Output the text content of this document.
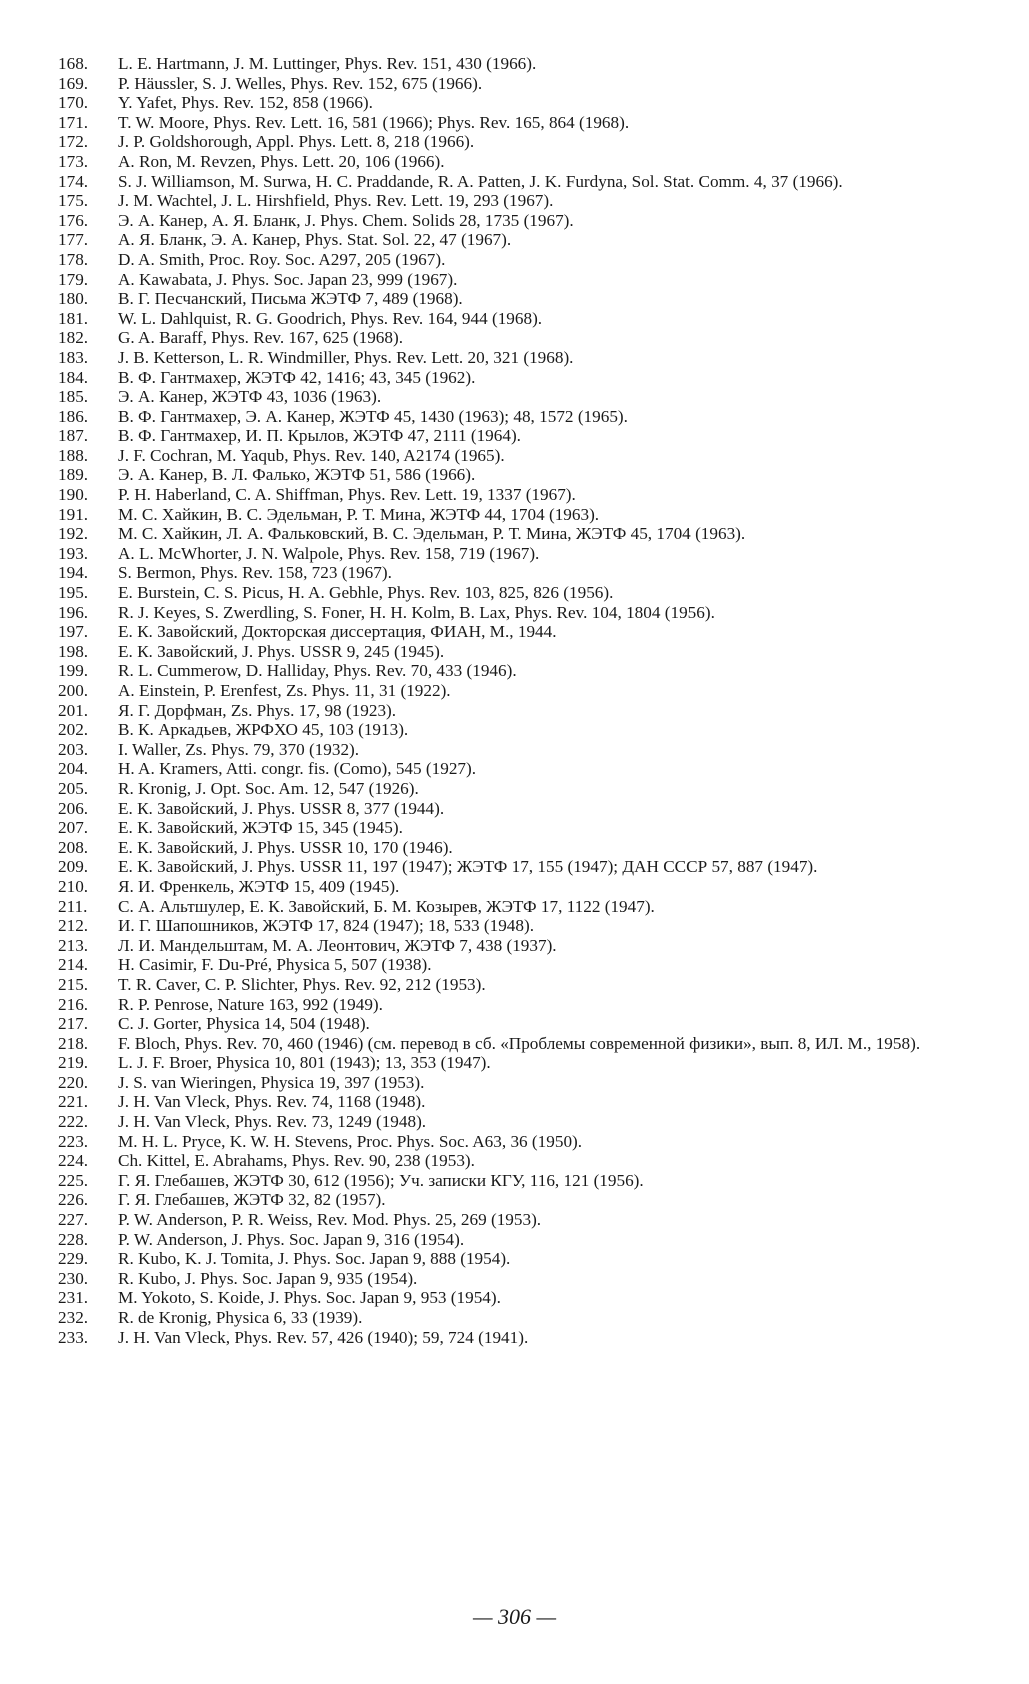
168.	L. E. Hartmann, J. M. Luttinger, Phys. Rev. 151, 430 (1966).
169.	P. Häussler, S. J. Welles, Phys. Rev. 152, 675 (1966).
170.	Y. Yafet, Phys. Rev. 152, 858 (1966).
171.	T. W. Moore, Phys. Rev. Lett. 16, 581 (1966); Phys. Rev. 165, 864 (1968).
172.	J. P. Goldshorough, Appl. Phys. Lett. 8, 218 (1966).
173.	A. Ron, M. Revzen, Phys. Lett. 20, 106 (1966).
174.	S. J. Williamson, M. Surwa, H. C. Praddande, R. A. Patten, J. K. Furdyna, Sol. Stat. Comm. 4, 37 (1966).
175.	J. M. Wachtel, J. L. Hirshfield, Phys. Rev. Lett. 19, 293 (1967).
176.	Э. А. Канер, А. Я. Бланк, J. Phys. Chem. Solids 28, 1735 (1967).
177.	А. Я. Бланк, Э. А. Канер, Phys. Stat. Sol. 22, 47 (1967).
178.	D. A. Smith, Proc. Roy. Soc. A297, 205 (1967).
179.	A. Kawabata, J. Phys. Soc. Japan 23, 999 (1967).
180.	В. Г. Песчанский, Письма ЖЭТФ 7, 489 (1968).
181.	W. L. Dahlquist, R. G. Goodrich, Phys. Rev. 164, 944 (1968).
182.	G. A. Baraff, Phys. Rev. 167, 625 (1968).
183.	J. B. Ketterson, L. R. Windmiller, Phys. Rev. Lett. 20, 321 (1968).
184.	В. Ф. Гантмахер, ЖЭТФ 42, 1416; 43, 345 (1962).
185.	Э. А. Канер, ЖЭТФ 43, 1036 (1963).
186.	В. Ф. Гантмахер, Э. А. Канер, ЖЭТФ 45, 1430 (1963); 48, 1572 (1965).
187.	В. Ф. Гантмахер, И. П. Крылов, ЖЭТФ 47, 2111 (1964).
188.	J. F. Cochran, M. Yaqub, Phys. Rev. 140, A2174 (1965).
189.	Э. А. Канер, В. Л. Фалько, ЖЭТФ 51, 586 (1966).
190.	P. H. Haberland, C. A. Shiffman, Phys. Rev. Lett. 19, 1337 (1967).
191.	М. С. Хайкин, В. С. Эдельман, Р. Т. Мина, ЖЭТФ 44, 1704 (1963).
192.	М. С. Хайкин, Л. А. Фальковский, В. С. Эдельман, Р. Т. Мина, ЖЭТФ 45, 1704 (1963).
193.	A. L. McWhorter, J. N. Walpole, Phys. Rev. 158, 719 (1967).
194.	S. Bermon, Phys. Rev. 158, 723 (1967).
195.	E. Burstein, C. S. Picus, H. A. Gebhle, Phys. Rev. 103, 825, 826 (1956).
196.	R. J. Keyes, S. Zwerdling, S. Foner, H. H. Kolm, B. Lax, Phys. Rev. 104, 1804 (1956).
197.	Е. К. Завойский, Докторская диссертация, ФИАН, М., 1944.
198.	Е. К. Завойский, J. Phys. USSR 9, 245 (1945).
199.	R. L. Cummerow, D. Halliday, Phys. Rev. 70, 433 (1946).
200.	A. Einstein, P. Erenfest, Zs. Phys. 11, 31 (1922).
201.	Я. Г. Дорфман, Zs. Phys. 17, 98 (1923).
202.	В. К. Аркадьев, ЖРФХО 45, 103 (1913).
203.	I. Waller, Zs. Phys. 79, 370 (1932).
204.	H. A. Kramers, Atti. congr. fis. (Como), 545 (1927).
205.	R. Kronig, J. Opt. Soc. Am. 12, 547 (1926).
206.	Е. К. Завойский, J. Phys. USSR 8, 377 (1944).
207.	Е. К. Завойский, ЖЭТФ 15, 345 (1945).
208.	Е. К. Завойский, J. Phys. USSR 10, 170 (1946).
209.	Е. К. Завойский, J. Phys. USSR 11, 197 (1947); ЖЭТФ 17, 155 (1947); ДАН СССР 57, 887 (1947).
210.	Я. И. Френкель, ЖЭТФ 15, 409 (1945).
211.	С. А. Альтшулер, Е. К. Завойский, Б. М. Козырев, ЖЭТФ 17, 1122 (1947).
212.	И. Г. Шапошников, ЖЭТФ 17, 824 (1947); 18, 533 (1948).
213.	Л. И. Мандельштам, М. А. Леонтович, ЖЭТФ 7, 438 (1937).
214.	H. Casimir, F. Du-Pré, Physica 5, 507 (1938).
215.	T. R. Caver, C. P. Slichter, Phys. Rev. 92, 212 (1953).
216.	R. P. Penrose, Nature 163, 992 (1949).
217.	C. J. Gorter, Physica 14, 504 (1948).
218.	F. Bloch, Phys. Rev. 70, 460 (1946) (см. перевод в сб. «Проблемы современной физики», вып. 8, ИЛ. М., 1958).
219.	L. J. F. Broer, Physica 10, 801 (1943); 13, 353 (1947).
220.	J. S. van Wieringen, Physica 19, 397 (1953).
221.	J. H. Van Vleck, Phys. Rev. 74, 1168 (1948).
222.	J. H. Van Vleck, Phys. Rev. 73, 1249 (1948).
223.	M. H. L. Pryce, K. W. H. Stevens, Proc. Phys. Soc. A63, 36 (1950).
224.	Ch. Kittel, E. Abrahams, Phys. Rev. 90, 238 (1953).
225.	Г. Я. Глебашев, ЖЭТФ 30, 612 (1956); Уч. записки КГУ, 116, 121 (1956).
226.	Г. Я. Глебашев, ЖЭТФ 32, 82 (1957).
227.	P. W. Anderson, P. R. Weiss, Rev. Mod. Phys. 25, 269 (1953).
228.	P. W. Anderson, J. Phys. Soc. Japan 9, 316 (1954).
229.	R. Kubo, K. J. Tomita, J. Phys. Soc. Japan 9, 888 (1954).
230.	R. Kubo, J. Phys. Soc. Japan 9, 935 (1954).
231.	M. Yokoto, S. Koide, J. Phys. Soc. Japan 9, 953 (1954).
232.	R. de Kronig, Physica 6, 33 (1939).
233.	J. H. Van Vleck, Phys. Rev. 57, 426 (1940); 59, 724 (1941).
— 306 —
